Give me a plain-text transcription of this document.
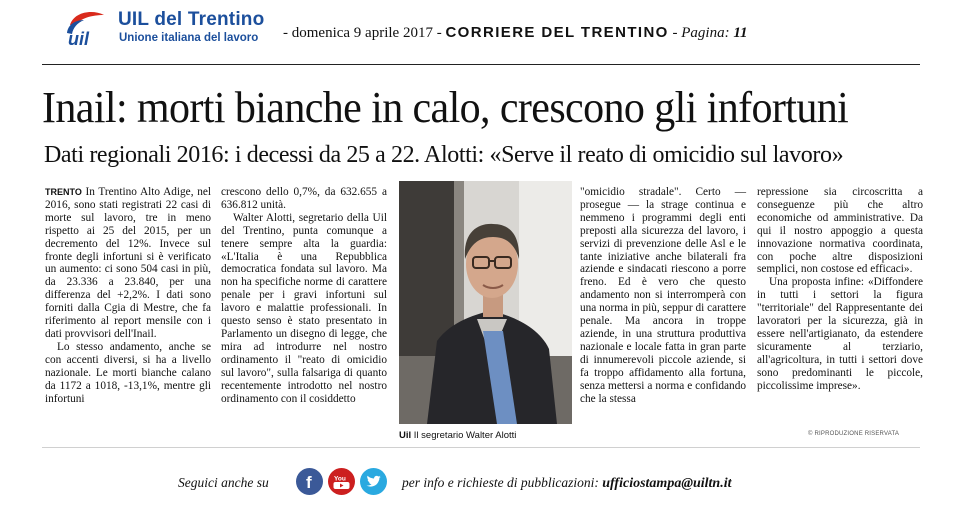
uil
UIL del Trentino
Unione italiana del lavoro - domenica 9 aprile 2017 - CORRIERE DEL TRENTINO - Pagina: 11
Inail: morti bianche in calo, crescono gli infortuni
Dati regionali 2016: i decessi da 25 a 22. Alotti: «Serve il reato di omicidio sul lavoro»

TRENTO In Trentino Alto Adige, nel 2016, sono stati registrati 22 casi di morte sul lavoro, tre in meno rispetto ai 25 del 2015, per un decremento del 12%. Invece sul fronte degli infortuni si è verificato un aumento: ci sono 504 casi in più, da 23.336 a 23.840, per una differenza del +2,2%. I dati sono forniti dalla Cgia di Mestre, che fa riferimento al report mensile con i dati provvisori dell'Inail.

Lo stesso andamento, anche se con accenti diversi, si ha a livello nazionale. Le morti bianche calano da 1172 a 1018, -13,1%, mentre gli infortuni

crescono dello 0,7%, da 632.655 a 636.812 unità.

Walter Alotti, segretario della Uil del Trentino, punta comunque a tenere sempre alta la guardia: «L'Italia è una Repubblica democratica fondata sul lavoro. Ma non ha specifiche norme di carattere penale per i gravi infortuni sul lavoro e malattie professionali. In questo senso è stato presentato in Parlamento un disegno di legge, che mira ad introdurre nel nostro ordinamento il "reato di omicidio sul lavoro", sulla falsariga di quanto recentemente introdotto nel nostro ordinamento con il cosiddetto

Uil Il segretario Walter Alotti

"omicidio stradale". Certo — prosegue — la strage continua e nemmeno i programmi degli enti preposti alla sicurezza del lavoro, i servizi di prevenzione delle Asl e le tante iniziative anche bilaterali fra aziende e sindacati riescono a porre freno. Ed è vero che questo andamento non si interromperà con una norma in più, seppur di carattere penale. Ma ancora in troppe aziende, in una struttura produttiva nazionale e locale fatta in gran parte di innumerevoli piccole aziende, si fa troppo affidamento alla fortuna, senza mettersi a norma e confidando che la stessa

repressione sia circoscritta a conseguenze più che altro economiche od amministrative. Da qui il nostro appoggio a questa innovazione normativa coordinata, con poche altre disposizioni semplici, non costose ed efficaci».

Una proposta infine: «Diffondere in tutti i settori la figura "territoriale" del Rappresentante dei lavoratori per la sicurezza, già in essere nell'artigianato, da estendere sicuramente al terziario, all'agricoltura, in tutti i settori dove sono predominanti le piccole, piccolissime imprese».

© RIPRODUZIONE RISERVATA
Seguici anche su f	You	per info e richieste di pubblicazioni: ufficiostampa@uiltn.it
